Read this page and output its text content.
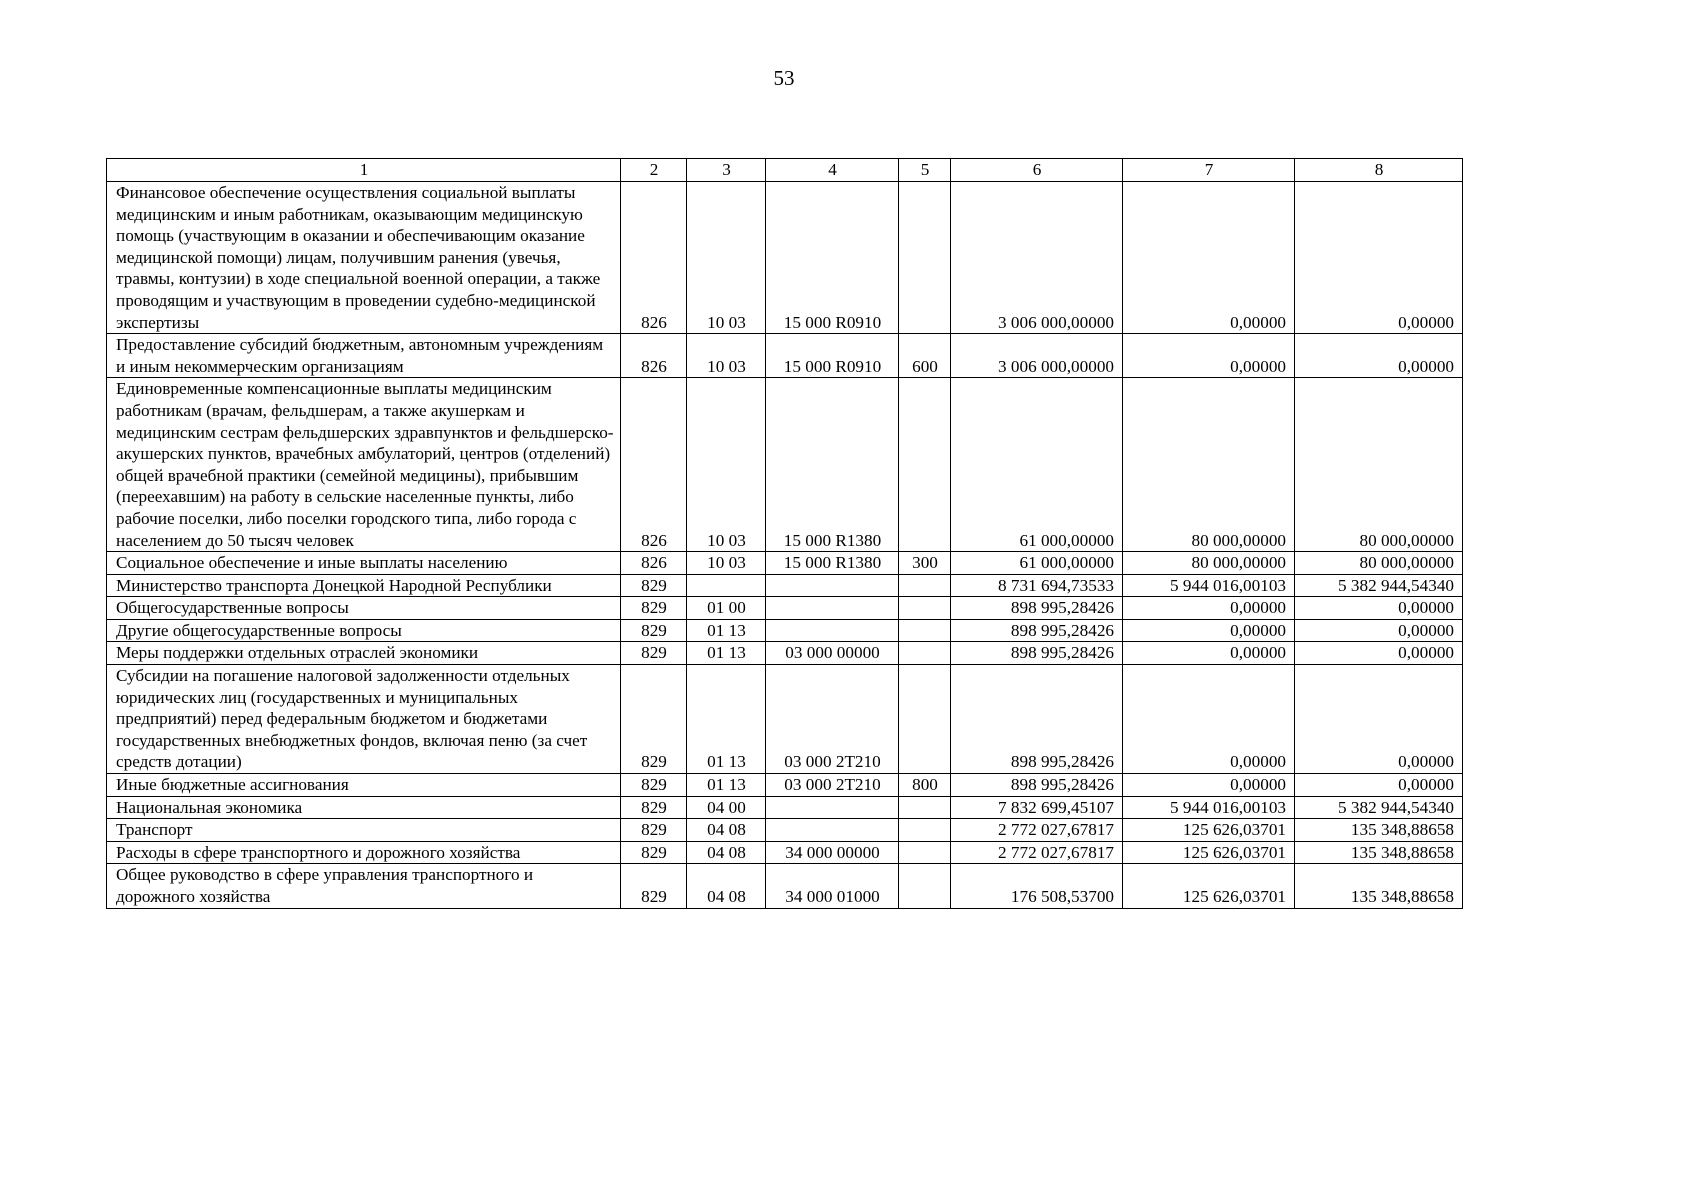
53
1	2	3	4	5	6	7	8
Финансовое обеспечение осуществления социальной выплаты медицинским и иным работникам, оказывающим медицинскую помощь (участвующим в оказании и обеспечивающим оказание медицинской помощи) лицам, получившим ранения (увечья, травмы, контузии) в ходе специальной военной операции, а также проводящим и участвующим в проведении судебно-медицинской экспертизы	826	10 03	15 000 R0910		3 006 000,00000	0,00000	0,00000
Предоставление субсидий бюджетным, автономным учреждениям и иным некоммерческим организациям	826	10 03	15 000 R0910	600	3 006 000,00000	0,00000	0,00000
Единовременные компенсационные выплаты медицинским работникам (врачам, фельдшерам, а также акушеркам и медицинским сестрам фельдшерских здравпунктов и фельдшерско-акушерских пунктов, врачебных амбулаторий, центров (отделений) общей врачебной практики (семейной медицины), прибывшим (переехавшим) на работу в сельские населенные пункты, либо рабочие поселки, либо поселки городского типа, либо города с населением до 50 тысяч человек	826	10 03	15 000 R1380		61 000,00000	80 000,00000	80 000,00000
Социальное обеспечение и иные выплаты населению	826	10 03	15 000 R1380	300	61 000,00000	80 000,00000	80 000,00000
Министерство транспорта Донецкой Народной Республики	829				8 731 694,73533	5 944 016,00103	5 382 944,54340
Общегосударственные вопросы	829	01 00			898 995,28426	0,00000	0,00000
Другие общегосударственные вопросы	829	01 13			898 995,28426	0,00000	0,00000
Меры поддержки отдельных отраслей экономики	829	01 13	03 000 00000		898 995,28426	0,00000	0,00000
Субсидии на погашение налоговой задолженности отдельных юридических лиц (государственных и муниципальных предприятий) перед федеральным бюджетом и бюджетами государственных внебюджетных фондов, включая пеню (за счет средств дотации)	829	01 13	03 000 2Т210		898 995,28426	0,00000	0,00000
Иные бюджетные ассигнования	829	01 13	03 000 2Т210	800	898 995,28426	0,00000	0,00000
Национальная экономика	829	04 00			7 832 699,45107	5 944 016,00103	5 382 944,54340
Транспорт	829	04 08			2 772 027,67817	125 626,03701	135 348,88658
Расходы в сфере транспортного и дорожного хозяйства	829	04 08	34 000 00000		2 772 027,67817	125 626,03701	135 348,88658
Общее руководство в сфере управления транспортного и дорожного хозяйства	829	04 08	34 000 01000		176 508,53700	125 626,03701	135 348,88658
